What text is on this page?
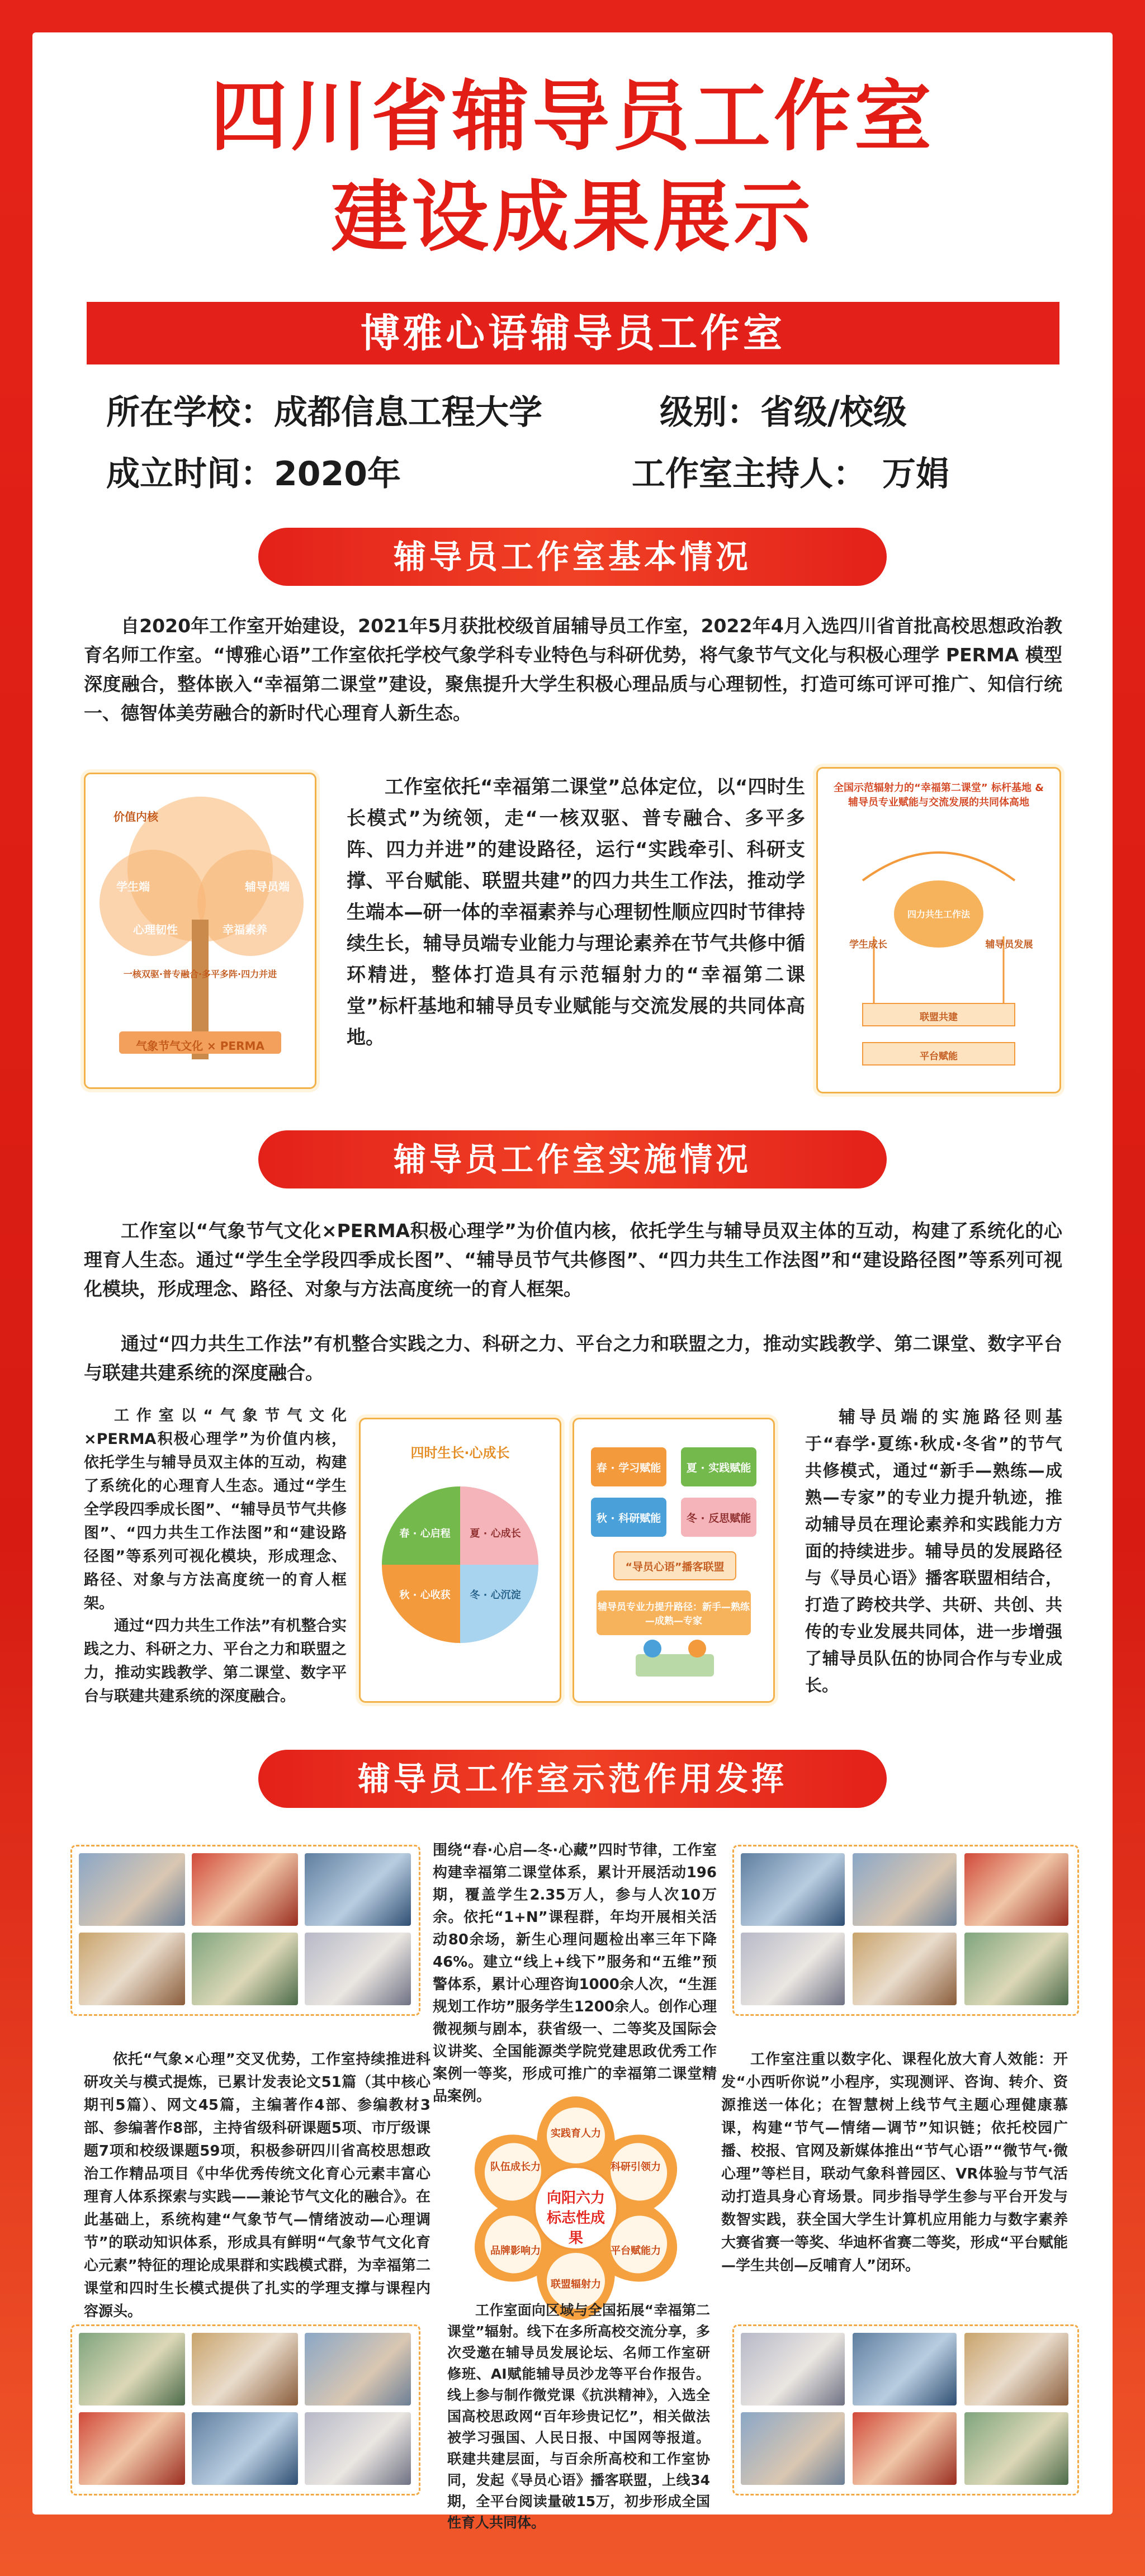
四川省辅导员工作室
建设成果展示
博雅心语辅导员工作室
所在学校：成都信息工程大学	级别：省级/校级
成立时间：2020年	工作室主持人： 万娟
辅导员工作室基本情况
自2020年工作室开始建设，2021年5月获批校级首届辅导员工作室，2022年4月入选四川省首批高校思想政治教育名师工作室。“博雅心语”工作室依托学校气象学科专业特色与科研优势，将气象节气文化与积极心理学 PERMA 模型深度融合，整体嵌入“幸福第二课堂”建设，聚焦提升大学生积极心理品质与心理韧性，打造可练可评可推广、知信行统一、德智体美劳融合的新时代心理育人新生态。
价值内核
气象节气文化 × PERMA
一核双驱·普专融合·多平多阵·四力并进
学生端	辅导员端
心理韧性	幸福素养
工作室依托“幸福第二课堂”总体定位，以“四时生长模式”为统领，走“一核双驱、普专融合、多平多阵、四力并进”的建设路径，运行“实践牵引、科研支撑、平台赋能、联盟共建”的四力共生工作法，推动学生端本—研一体的幸福素养与心理韧性顺应四时节律持续生长，辅导员端专业能力与理论素养在节气共修中循环精进，整体打造具有示范辐射力的“幸福第二课堂”标杆基地和辅导员专业赋能与交流发展的共同体高地。
全国示范辐射力的“幸福第二课堂” 标杆基地 & 辅导员专业赋能与交流发展的共同体高地
学生成长
四力共生工作法
辅导员发展
联盟共建
平台赋能
辅导员工作室实施情况
工作室以“气象节气文化×PERMA积极心理学”为价值内核，依托学生与辅导员双主体的互动，构建了系统化的心理育人生态。通过“学生全学段四季成长图”、“辅导员节气共修图”、“四力共生工作法图”和“建设路径图”等系列可视化模块，形成理念、路径、对象与方法高度统一的育人框架。
通过“四力共生工作法”有机整合实践之力、科研之力、平台之力和联盟之力，推动实践教学、第二课堂、数字平台与联建共建系统的深度融合。
工作室以“气象节气文化×PERMA积极心理学”为价值内核，依托学生与辅导员双主体的互动，构建了系统化的心理育人生态。通过“学生全学段四季成长图”、“辅导员节气共修图”、“四力共生工作法图”和“建设路径图”等系列可视化模块，形成理念、路径、对象与方法高度统一的育人框架。
通过“四力共生工作法”有机整合实践之力、科研之力、平台之力和联盟之力，推动实践教学、第二课堂、数字平台与联建共建系统的深度融合。
四时生长·心成长
春 · 心启程	夏 · 心成长
秋 · 心收获	冬 · 心沉淀
春 · 学习赋能	夏 · 实践赋能
秋 · 科研赋能	冬 · 反思赋能
“导员心语”播客联盟
辅导员专业力提升路径：新手—熟练—成熟—专家
辅导员端的实施路径则基于“春学·夏练·秋成·冬省”的节气共修模式，通过“新手—熟练—成熟—专家”的专业力提升轨迹，推动辅导员在理论素养和实践能力方面的持续进步。辅导员的发展路径与《导员心语》播客联盟相结合，打造了跨校共学、共研、共创、共传的专业发展共同体，进一步增强了辅导员队伍的协同合作与专业成长。
辅导员工作室示范作用发挥
围绕“春·心启—冬·心藏”四时节律，工作室构建幸福第二课堂体系，累计开展活动196期，覆盖学生2.35万人，参与人次10万余。依托“1+N”课程群，年均开展相关活动80余场，新生心理问题检出率三年下降46%。建立“线上+线下”服务和“五维”预警体系，累计心理咨询1000余人次，“生涯规划工作坊”服务学生1200余人。创作心理微视频与剧本，获省级一、二等奖及国际会议讲奖、全国能源类学院党建思政优秀工作案例一等奖，形成可推广的幸福第二课堂精品案例。
依托“气象×心理”交叉优势，工作室持续推进科研攻关与模式提炼，已累计发表论文51篇（其中核心期刊5篇）、网文45篇，主编著作4部、参编教材3部、参编著作8部，主持省级科研课题5项、市厅级课题7项和校级课题59项，积极参研四川省高校思想政治工作精品项目《中华优秀传统文化育心元素丰富心理育人体系探索与实践——兼论节气文化的融合》。在此基础上，系统构建“气象节气—情绪波动—心理调节”的联动知识体系，形成具有鲜明“气象节气文化育心元素”特征的理论成果群和实践模式群，为幸福第二课堂和四时生长模式提供了扎实的学理支撑与课程内容源头。
向阳六力 标志性成果
实践育人力
科研引领力
平台赋能力
联盟辐射力
品牌影响力
队伍成长力
工作室注重以数字化、课程化放大育人效能：开发“小西听你说”小程序，实现测评、咨询、转介、资源推送一体化；在智慧树上线节气主题心理健康慕课，构建“节气—情绪—调节”知识链；依托校园广播、校报、官网及新媒体推出“节气心语”“微节气·微心理”等栏目，联动气象科普园区、VR体验与节气活动打造具身心育场景。同步指导学生参与平台开发与数智实践，获全国大学生计算机应用能力与数字素养大赛省赛一等奖、华迪杯省赛二等奖，形成“平台赋能—学生共创—反哺育人”闭环。
工作室面向区域与全国拓展“幸福第二课堂”辐射。线下在多所高校交流分享，多次受邀在辅导员发展论坛、名师工作室研修班、AI赋能辅导员沙龙等平台作报告。线上参与制作微党课《抗洪精神》，入选全国高校思政网“百年珍贵记忆”，相关做法被学习强国、人民日报、中国网等报道。联建共建层面，与百余所高校和工作室协同，发起《导员心语》播客联盟，上线34期，全平台阅读量破15万，初步形成全国性育人共同体。
